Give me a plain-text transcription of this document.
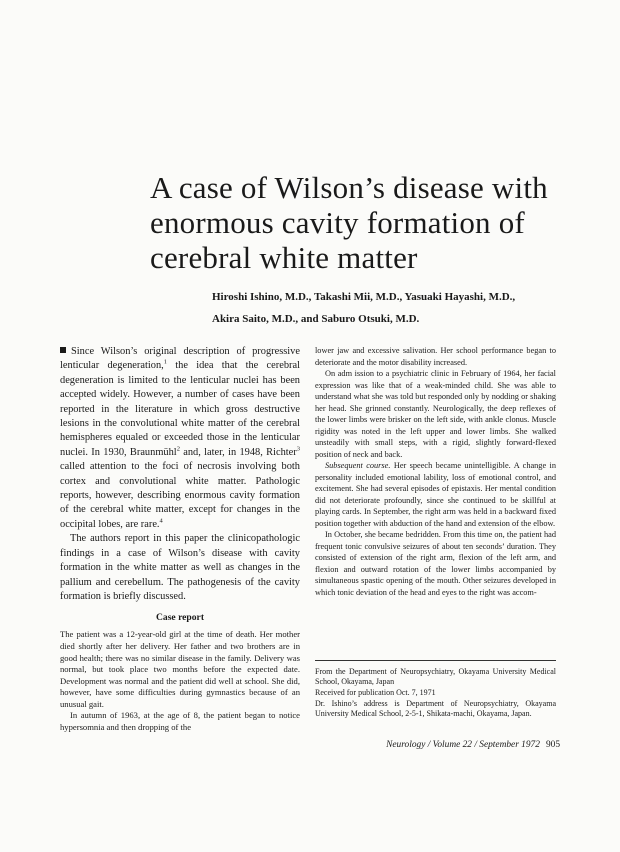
A case of Wilson’s disease with
enormous cavity formation of
cerebral white matter
Hiroshi Ishino, M.D., Takashi Mii, M.D., Yasuaki Hayashi, M.D.,
Akira Saito, M.D., and Saburo Otsuki, M.D.

Since Wilson’s original description of progressive lenticular degeneration,$^1$ the idea that the cerebral degeneration is limited to the lenticular nuclei has been accepted widely. However, a number of cases have been reported in the literature in which gross destructive lesions in the convolutional white matter of the cerebral hemispheres equaled or exceeded those in the lenticular nuclei. In 1930, Braunmühl$^2$ and, later, in 1948, Richter$^3$ called attention to the foci of necrosis involving both cortex and convolutional white matter. Pathologic reports, however, describing enormous cavity formation of the cerebral white matter, except for changes in the occipital lobes, are rare.$^4$

The authors report in this paper the clinicopathologic findings in a case of Wilson’s disease with cavity formation in the white matter as well as changes in the pallium and cerebellum. The pathogenesis of the cavity formation is briefly discussed.

Case report

The patient was a 12-year-old girl at the time of death. Her mother died shortly after her delivery. Her father and two brothers are in good health; there was no similar disease in the family. Delivery was normal, but took place two months before the expected date. Development was normal and the patient did well at school. She did, however, have some difficulties during gymnastics because of an unusual gait.

In autumn of 1963, at the age of 8, the patient began to notice hypersomnia and then dropping of the

lower jaw and excessive salivation. Her school performance began to deteriorate and the motor disability increased.

On adm ission to a psychiatric clinic in February of 1964, her facial expression was like that of a weak-minded child. She was able to understand what she was told but responded only by nodding or shaking her head. She grinned constantly. Neurologically, the deep reflexes of the lower limbs were brisker on the left side, with ankle clonus. Muscle rigidity was noted in the left upper and lower limbs. She walked unsteadily with small steps, with a rigid, slightly forward-flexed position of neck and back.

Subsequent course. Her speech became unintelligible. A change in personality included emotional lability, loss of emotional control, and excitement. She had several episodes of epistaxis. Her mental condition did not deteriorate profoundly, since she continued to be skillful at playing cards. In September, the right arm was held in a backward fixed position together with abduction of the hand and extension of the elbow.

In October, she became bedridden. From this time on, the patient had frequent tonic convulsive seizures of about ten seconds’ duration. They consisted of extension of the right arm, flexion of the left arm, and flexion and outward rotation of the lower limbs accompanied by simultaneous spastic opening of the mouth. Other seizures developed in which tonic deviation of the head and eyes to the right was accom-

From the Department of Neuropsychiatry, Okayama University Medical School, Okayama, Japan

Received for publication Oct. 7, 1971

Dr. Ishino’s address is Department of Neuropsychiatry, Okayama University Medical School, 2-5-1, Shikata-machi, Okayama, Japan.

Neurology / Volume 22 / September 1972 905
